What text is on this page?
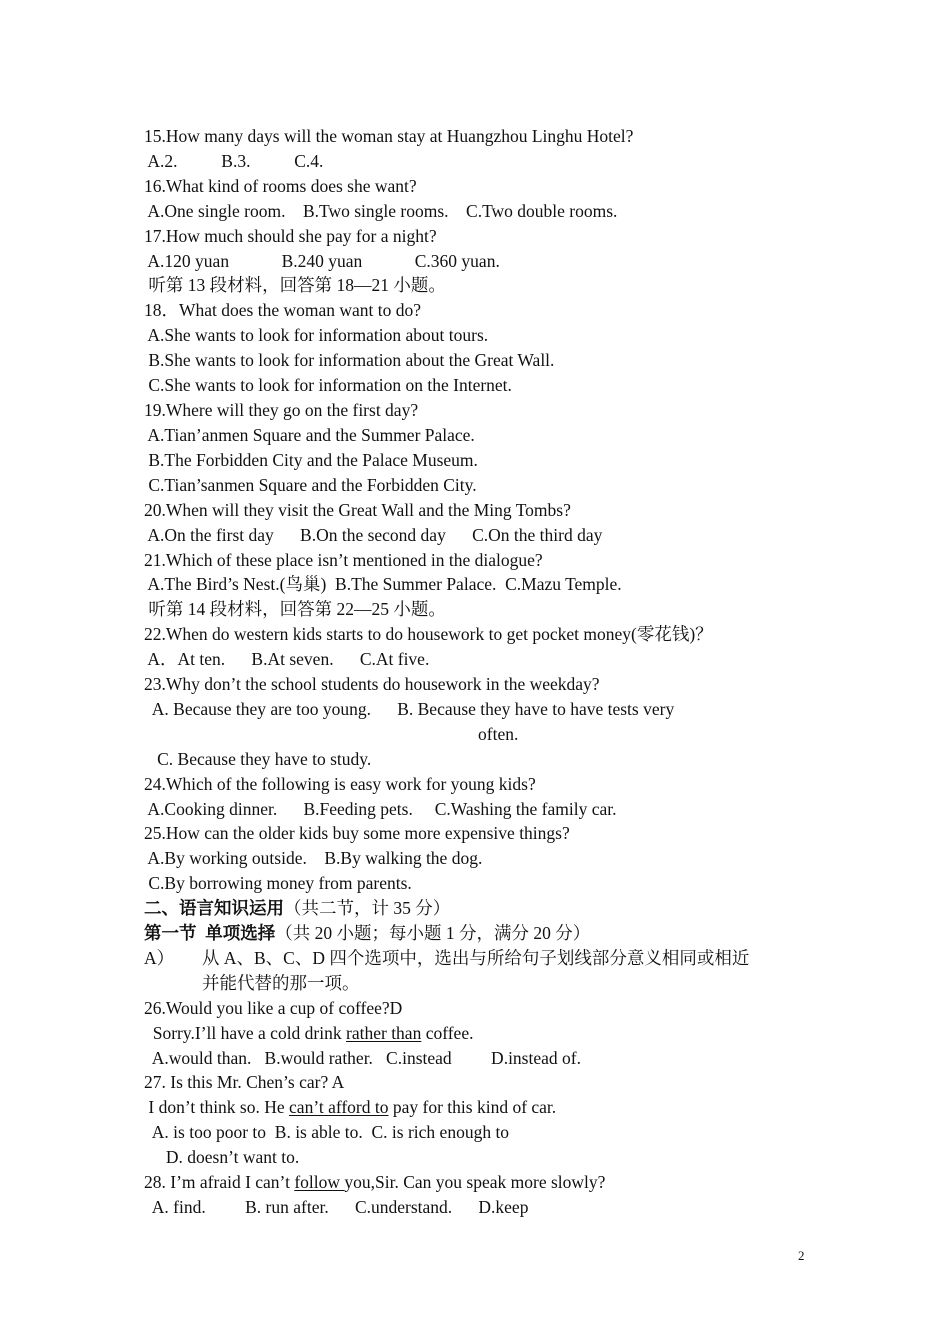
15.How many days will the woman stay at Huangzhou Linghu Hotel?
A.2.          B.3.          C.4.
16.What kind of rooms does she want?
A.One single room.    B.Two single rooms.    C.Two double rooms.
17.How much should she pay for a night?
A.120 yuan            B.240 yuan            C.360 yuan.
听第 13 段材料，回答第 18—21 小题。
18．What does the woman want to do?
A.She wants to look for information about tours.
B.She wants to look for information about the Great Wall.
C.She wants to look for information on the Internet.
19.Where will they go on the first day?
A.Tian’anmen Square and the Summer Palace.
B.The Forbidden City and the Palace Museum.
C.Tian’sanmen Square and the Forbidden City.
20.When will they visit the Great Wall and the Ming Tombs?
A.On the first day      B.On the second day      C.On the third day
21.Which of these place isn’t mentioned in the dialogue?
A.The Bird’s Nest.(鸟巢)  B.The Summer Palace.  C.Mazu Temple.
听第 14 段材料，回答第 22—25 小题。
22.When do western kids starts to do housework to get pocket money(零花钱)？
A．At ten.      B.At seven.      C.At five.
23.Why don’t the school students do housework in the weekday?
A. Because they are too young.      B. Because they have to have tests very
often.
C. Because they have to study.
24.Which of the following is easy work for young kids?
A.Cooking dinner.      B.Feeding pets.     C.Washing the family car.
25.How can the older kids buy some more expensive things?
A.By working outside.    B.By walking the dog.
C.By borrowing money from parents.
二、语言知识运用（共二节，计 35 分）
第一节  单项选择（共 20 小题；每小题 1 分，满分 20 分）
A）	从 A、B、C、D 四个选项中，选出与所给句子划线部分意义相同或相近
并能代替的那一项。
26.Would you like a cup of coffee?D
Sorry.I’ll have a cold drink rather than coffee.
A.would than.   B.would rather.   C.instead         D.instead of.
27. Is this Mr. Chen’s car? A
I don’t think so. He can’t afford to pay for this kind of car.
A. is too poor to  B. is able to.  C. is rich enough to
D. doesn’t want to.
28. I’m afraid I can’t follow you,Sir. Can you speak more slowly?
A. find.         B. run after.      C.understand.      D.keep
2
